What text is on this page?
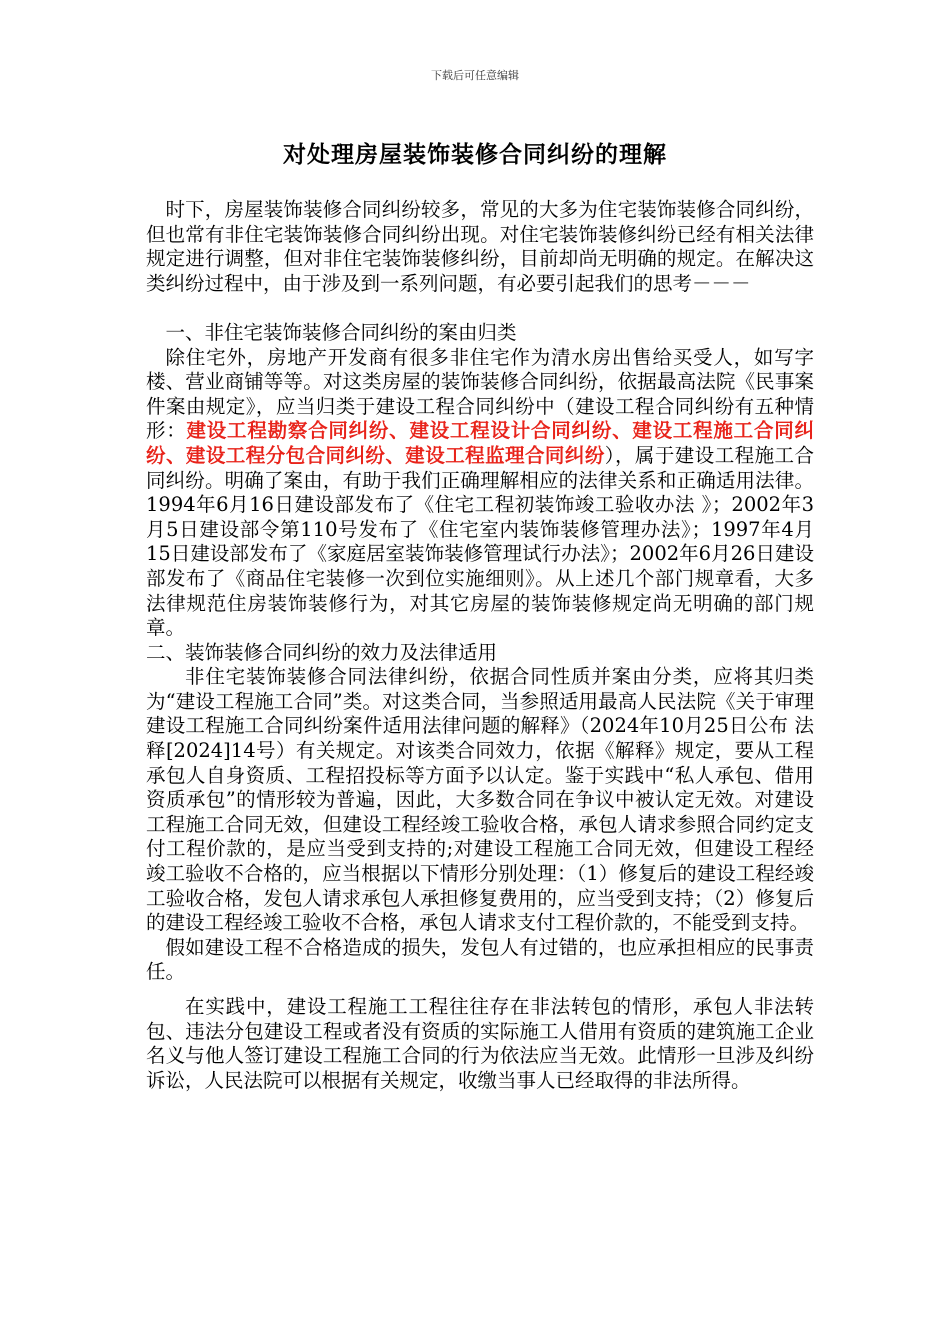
下载后可任意编辑
对处理房屋装饰装修合同纠纷的理解

时下，房屋装饰装修合同纠纷较多，常见的大多为住宅装饰装修合同纠纷，但也常有非住宅装饰装修合同纠纷出现。对住宅装饰装修纠纷已经有相关法律规定进行调整，但对非住宅装饰装修纠纷，目前却尚无明确的规定。在解决这类纠纷过程中，由于涉及到一系列问题，有必要引起我们的思考－－－

一、非住宅装饰装修合同纠纷的案由归类

除住宅外，房地产开发商有很多非住宅作为清水房出售给买受人，如写字楼、营业商铺等等。对这类房屋的装饰装修合同纠纷，依据最高法院《民事案件案由规定》，应当归类于建设工程合同纠纷中（建设工程合同纠纷有五种情形：建设工程勘察合同纠纷、建设工程设计合同纠纷、建设工程施工合同纠纷、建设工程分包合同纠纷、建设工程监理合同纠纷），属于建设工程施工合同纠纷。明确了案由，有助于我们正确理解相应的法律关系和正确适用法律。1994年6月16日建设部发布了《住宅工程初装饰竣工验收办法 》；2002年3月5日建设部令第110号发布了《住宅室内装饰装修管理办法》；1997年4月15日建设部发布了《家庭居室装饰装修管理试行办法》；2002年6月26日建设部发布了《商品住宅装修一次到位实施细则》。从上述几个部门规章看，大多法律规范住房装饰装修行为，对其它房屋的装饰装修规定尚无明确的部门规章。

二、装饰装修合同纠纷的效力及法律适用

非住宅装饰装修合同法律纠纷，依据合同性质并案由分类，应将其归类为“建设工程施工合同”类。对这类合同，当参照适用最高人民法院《关于审理建设工程施工合同纠纷案件适用法律问题的解释》（2024年10月25日公布 法释[2024]14号）有关规定。对该类合同效力，依据《解释》规定，要从工程承包人自身资质、工程招投标等方面予以认定。鉴于实践中“私人承包、借用资质承包”的情形较为普遍，因此，大多数合同在争议中被认定无效。对建设工程施工合同无效，但建设工程经竣工验收合格，承包人请求参照合同约定支付工程价款的，是应当受到支持的;对建设工程施工合同无效，但建设工程经竣工验收不合格的，应当根据以下情形分别处理：（1）修复后的建设工程经竣工验收合格，发包人请求承包人承担修复费用的，应当受到支持；（2）修复后的建设工程经竣工验收不合格，承包人请求支付工程价款的，不能受到支持。

假如建设工程不合格造成的损失，发包人有过错的，也应承担相应的民事责任。

在实践中，建设工程施工工程往往存在非法转包的情形，承包人非法转包、违法分包建设工程或者没有资质的实际施工人借用有资质的建筑施工企业名义与他人签订建设工程施工合同的行为依法应当无效。此情形一旦涉及纠纷诉讼，人民法院可以根据有关规定，收缴当事人已经取得的非法所得。
